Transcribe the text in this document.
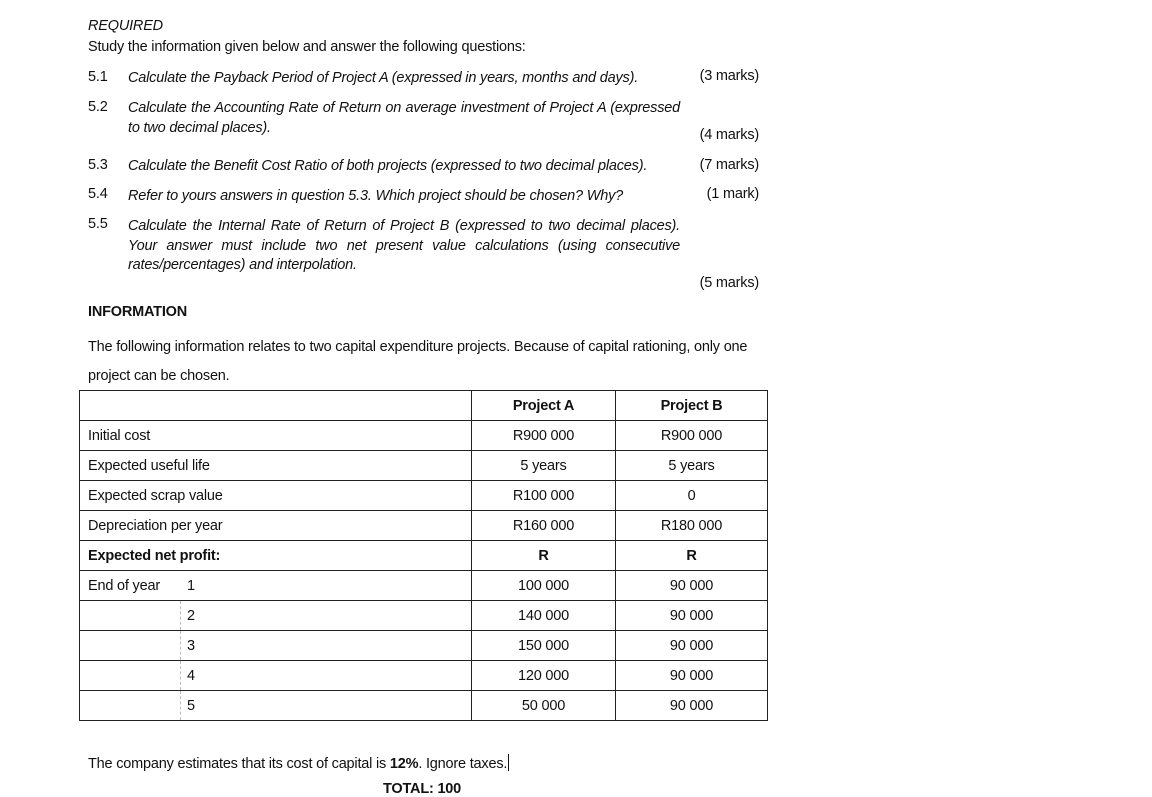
REQUIRED
Study the information given below and answer the following questions:
5.1 Calculate the Payback Period of Project A (expressed in years, months and days).	(3 marks)
5.2 Calculate the Accounting Rate of Return on average investment of Project A (expressed to two decimal places).	(4 marks)
5.3 Calculate the Benefit Cost Ratio of both projects (expressed to two decimal places).	(7 marks)
5.4 Refer to yours answers in question 5.3. Which project should be chosen? Why?	(1 mark)
5.5 Calculate the Internal Rate of Return of Project B (expressed to two decimal places). Your answer must include two net present value calculations (using consecutive rates/percentages) and interpolation.
(5 marks)
INFORMATION
The following information relates to two capital expenditure projects. Because of capital rationing, only one project can be chosen.
	Project A	Project B
Initial cost	R900 000	R900 000
Expected useful life	5 years	5 years
Expected scrap value	R100 000	0
Depreciation per year	R160 000	R180 000
Expected net profit:	R	R

End of year 1	100 000	90 000

2	140 000	90 000

3	150 000	90 000

4	120 000	90 000

5	50 000	90 000
The company estimates that its cost of capital is 12%. Ignore taxes.
TOTAL: 100
